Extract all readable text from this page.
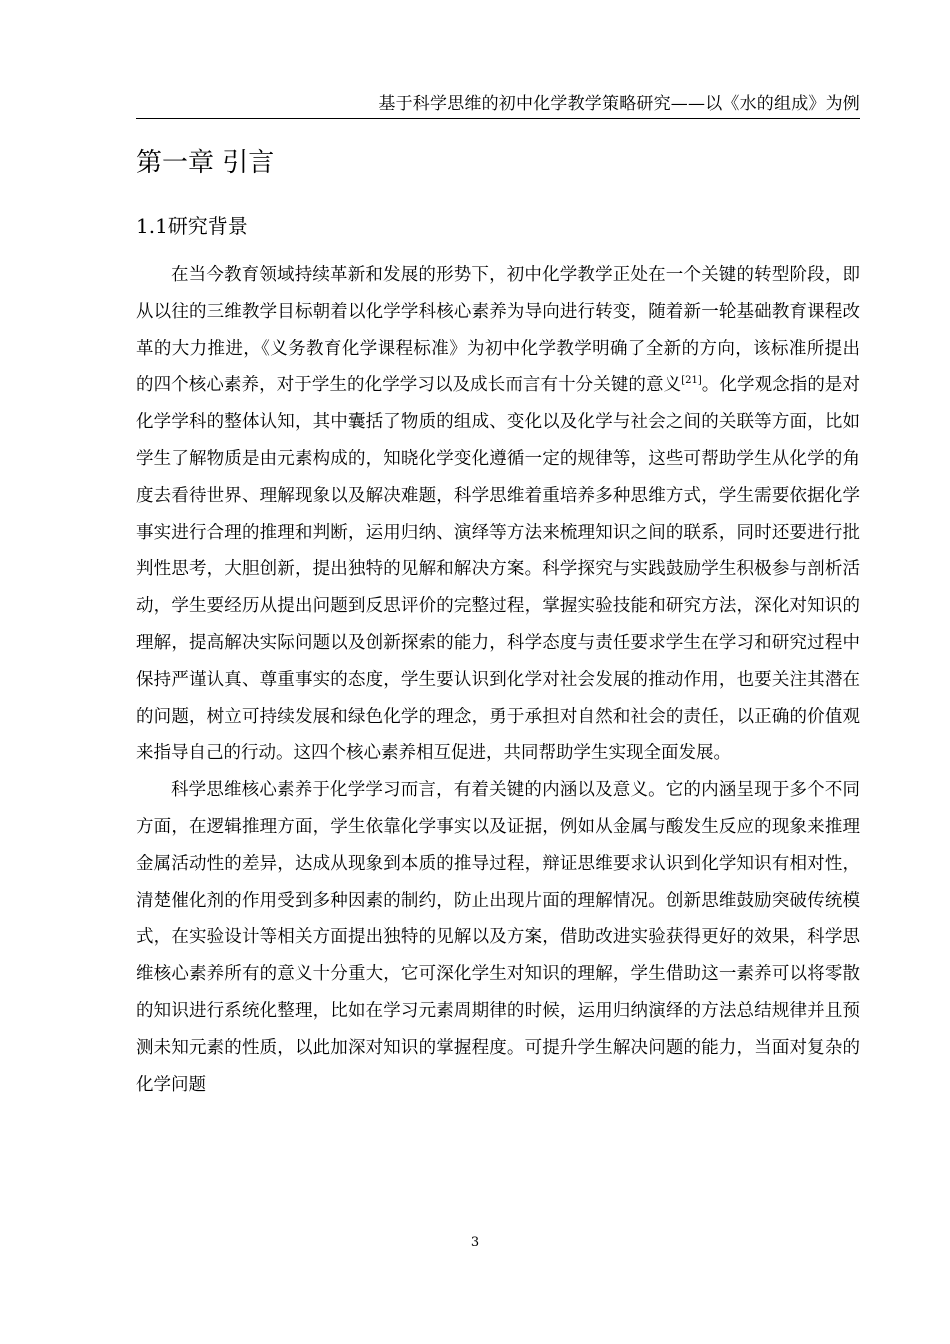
基于科学思维的初中化学教学策略研究——以《水的组成》为例
第一章 引言
1.1研究背景

在当今教育领域持续革新和发展的形势下，初中化学教学正处在一个关键的转型阶段，即从以往的三维教学目标朝着以化学学科核心素养为导向进行转变，随着新一轮基础教育课程改革的大力推进，《义务教育化学课程标准》为初中化学教学明确了全新的方向，该标准所提出的四个核心素养，对于学生的化学学习以及成长而言有十分关键的意义[21]。化学观念指的是对化学学科的整体认知，其中囊括了物质的组成、变化以及化学与社会之间的关联等方面，比如学生了解物质是由元素构成的，知晓化学变化遵循一定的规律等，这些可帮助学生从化学的角度去看待世界、理解现象以及解决难题，科学思维着重培养多种思维方式，学生需要依据化学事实进行合理的推理和判断，运用归纳、演绎等方法来梳理知识之间的联系，同时还要进行批判性思考，大胆创新，提出独特的见解和解决方案。科学探究与实践鼓励学生积极参与剖析活动，学生要经历从提出问题到反思评价的完整过程，掌握实验技能和研究方法，深化对知识的理解，提高解决实际问题以及创新探索的能力，科学态度与责任要求学生在学习和研究过程中保持严谨认真、尊重事实的态度，学生要认识到化学对社会发展的推动作用，也要关注其潜在的问题，树立可持续发展和绿色化学的理念，勇于承担对自然和社会的责任，以正确的价值观来指导自己的行动。这四个核心素养相互促进，共同帮助学生实现全面发展。

科学思维核心素养于化学学习而言，有着关键的内涵以及意义。它的内涵呈现于多个不同方面，在逻辑推理方面，学生依靠化学事实以及证据，例如从金属与酸发生反应的现象来推理金属活动性的差异，达成从现象到本质的推导过程，辩证思维要求认识到化学知识有相对性，清楚催化剂的作用受到多种因素的制约，防止出现片面的理解情况。创新思维鼓励突破传统模式，在实验设计等相关方面提出独特的见解以及方案，借助改进实验获得更好的效果，科学思维核心素养所有的意义十分重大，它可深化学生对知识的理解，学生借助这一素养可以将零散的知识进行系统化整理，比如在学习元素周期律的时候，运用归纳演绎的方法总结规律并且预测未知元素的性质，以此加深对知识的掌握程度。可提升学生解决问题的能力，当面对复杂的化学问题

3
